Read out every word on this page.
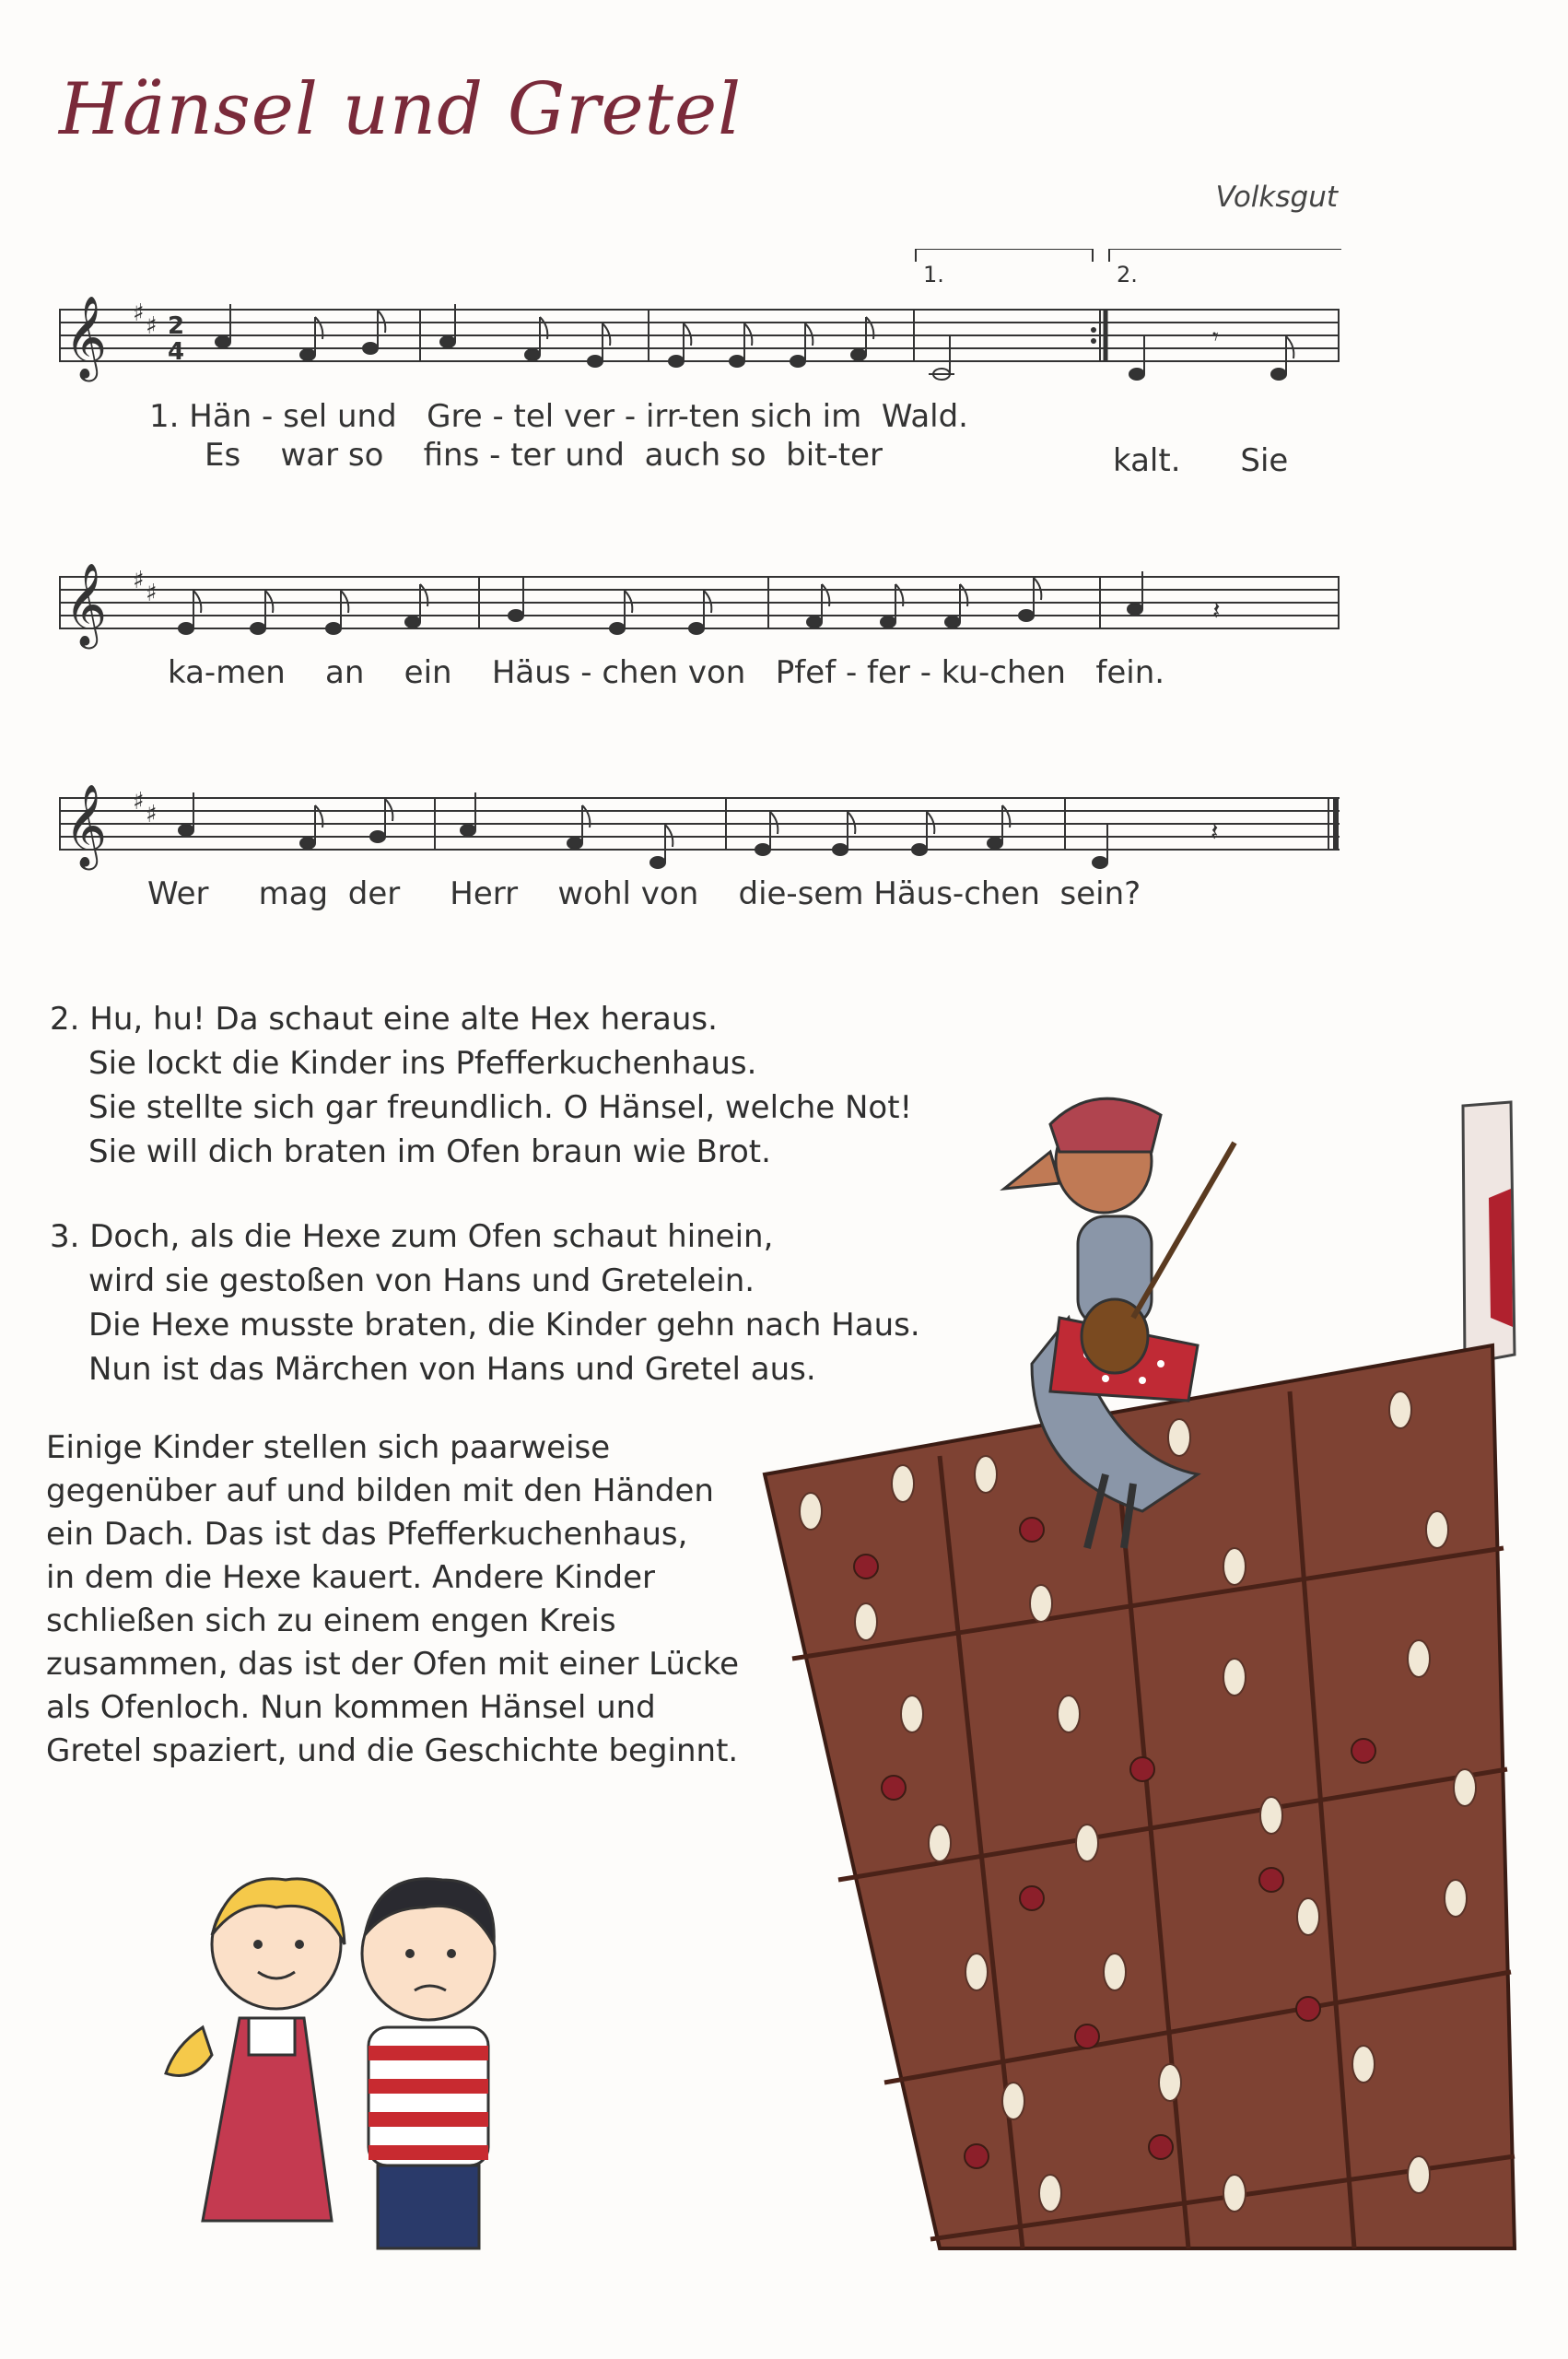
Hänsel und Gretel
Volksgut
𝄞 ♯ ♯ 2
4
1.	2.
𝄾
1. Hän - sel und Gre - tel ver - irr-ten sich im Wald.
Es war so fins - ter und auch so bit-ter	kalt. Sie
𝄞 ♯ ♯
𝄽
ka-men an ein Häus - chen von Pfef - fer - ku-chen fein.
𝄞 ♯ ♯
𝄽
Wer mag der Herr wohl von die-sem Häus-chen sein?
2. Hu, hu! Da schaut eine alte Hex heraus.
Sie lockt die Kinder ins Pfefferkuchenhaus.
Sie stellte sich gar freundlich. O Hänsel, welche Not!
Sie will dich braten im Ofen braun wie Brot.
3. Doch, als die Hexe zum Ofen schaut hinein,
wird sie gestoßen von Hans und Gretelein.
Die Hexe musste braten, die Kinder gehn nach Haus.
Nun ist das Märchen von Hans und Gretel aus.
Einige Kinder stellen sich paarweise
gegenüber auf und bilden mit den Händen
ein Dach. Das ist das Pfefferkuchenhaus,
in dem die Hexe kauert. Andere Kinder
schließen sich zu einem engen Kreis
zusammen, das ist der Ofen mit einer Lücke
als Ofenloch. Nun kommen Hänsel und
Gretel spaziert, und die Geschichte beginnt.
